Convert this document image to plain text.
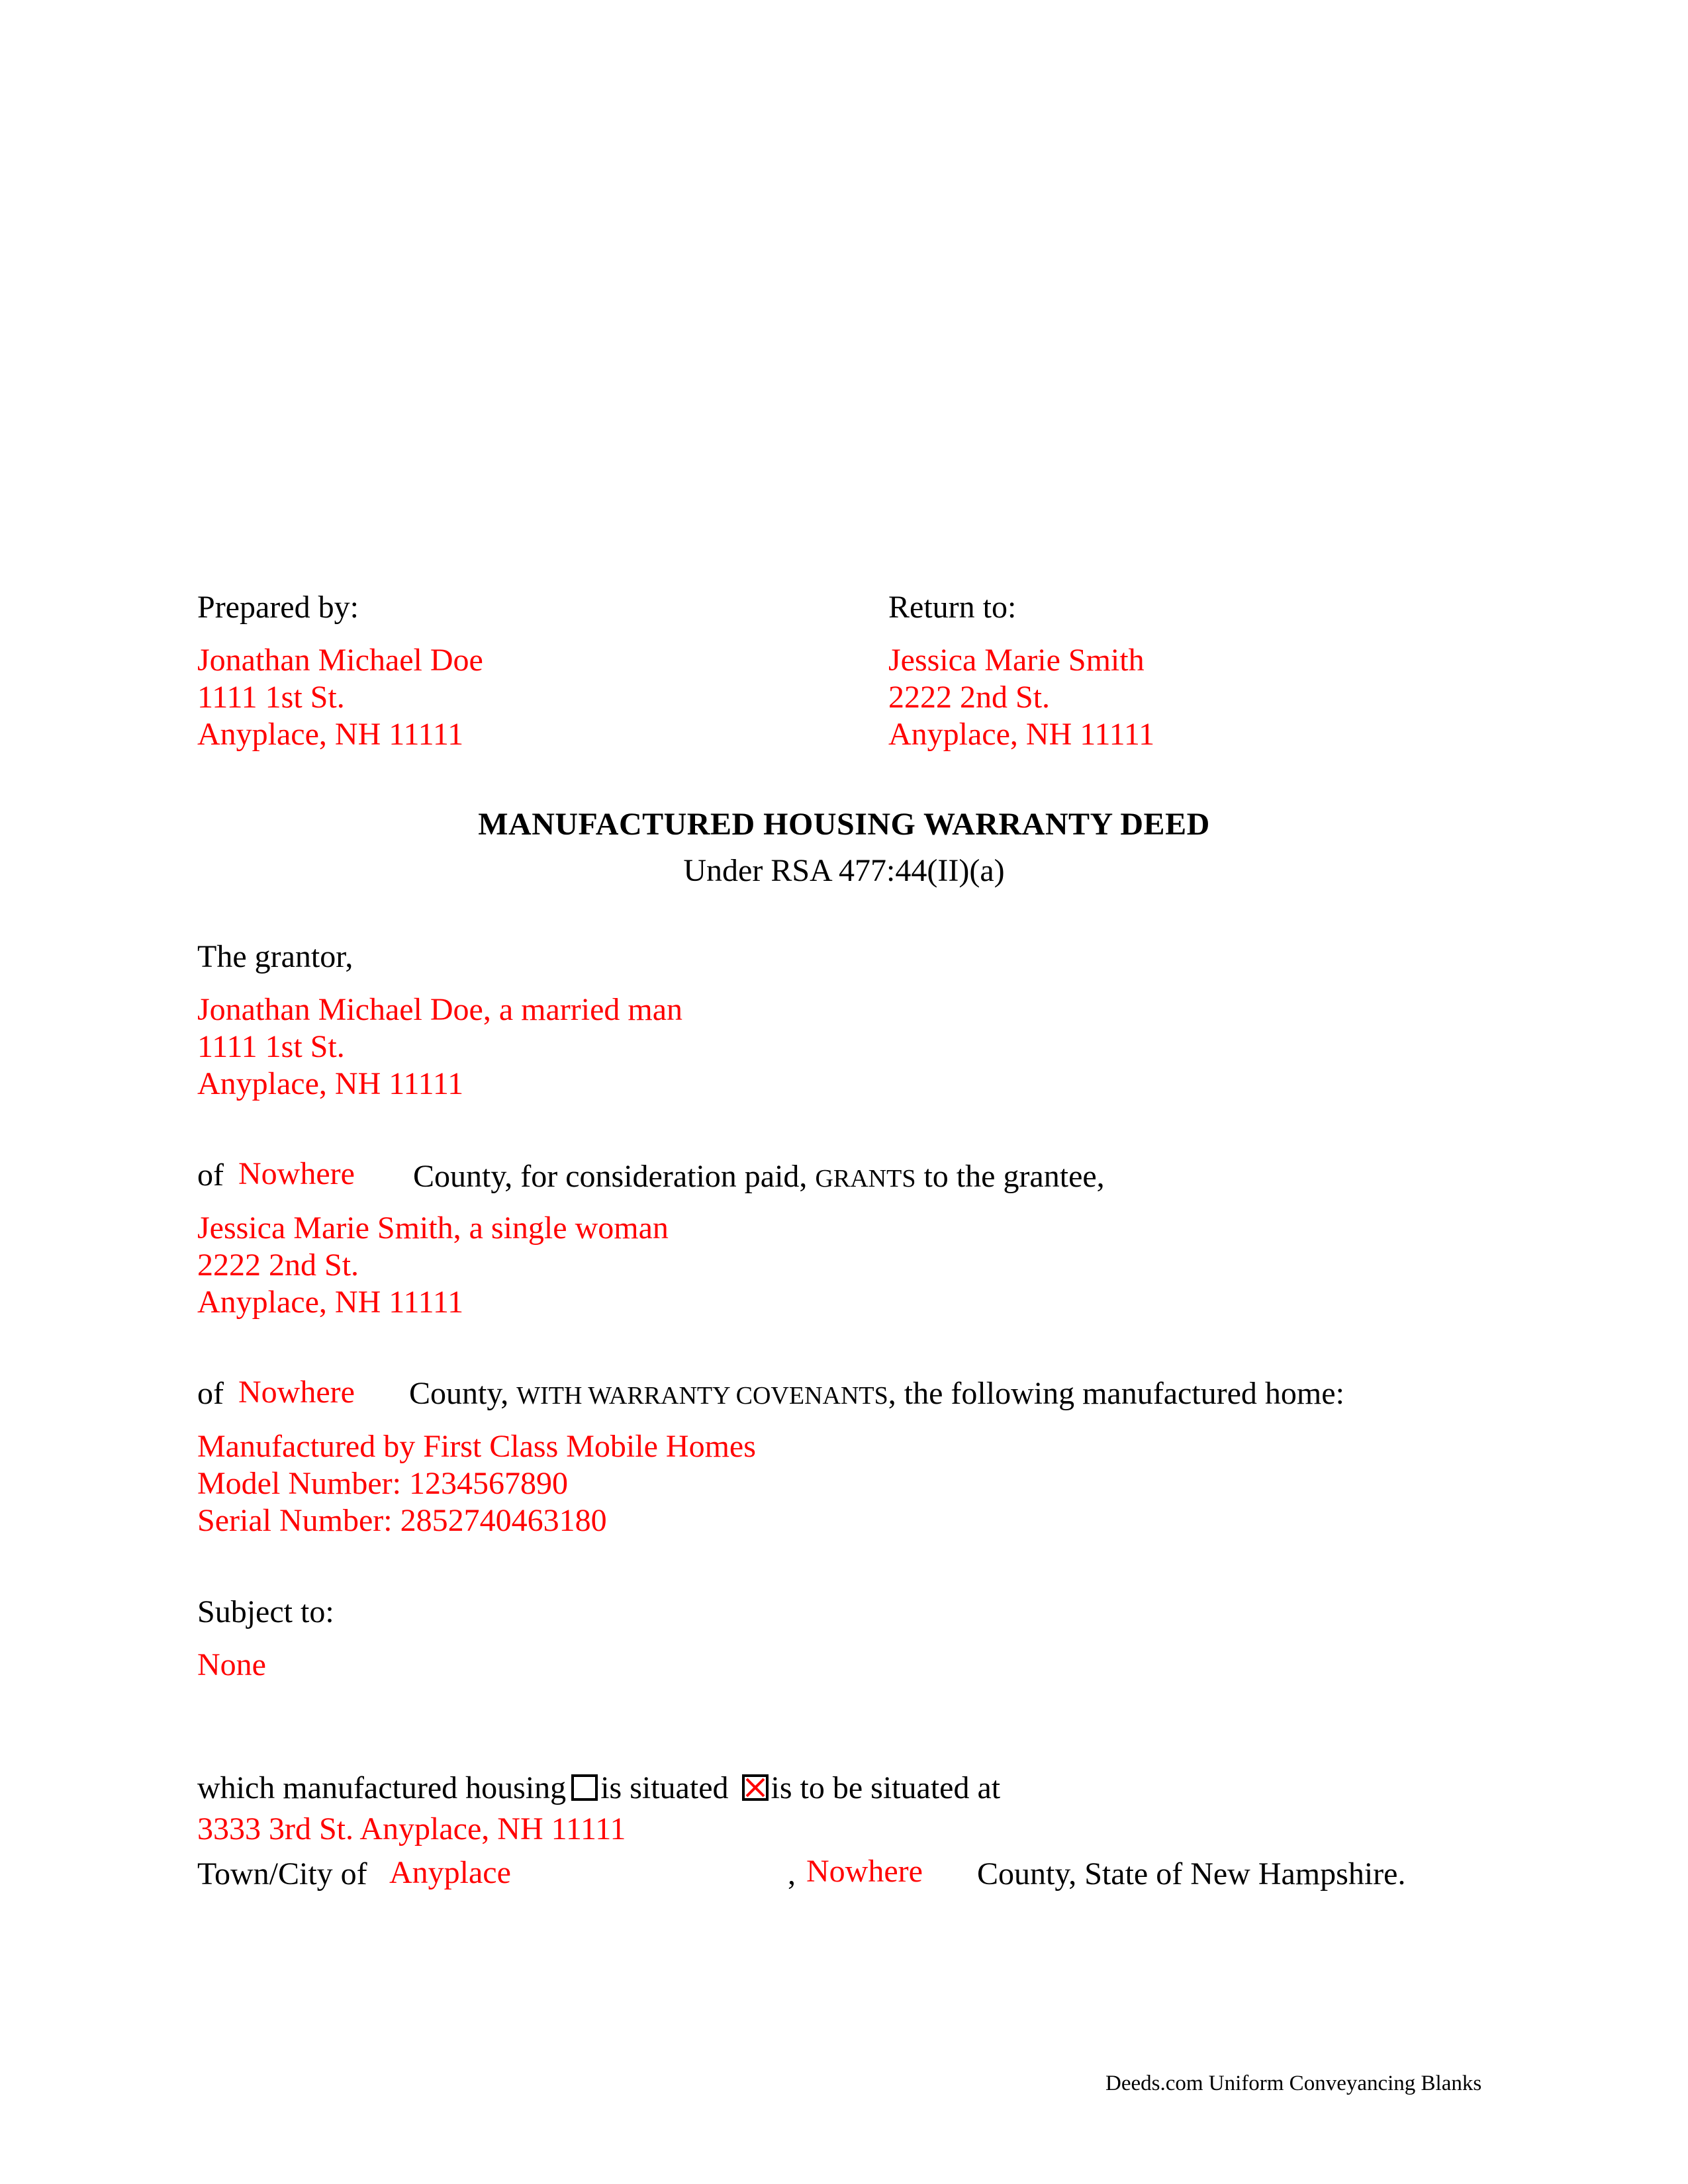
Prepared by:
Jonathan Michael Doe
1111 1st St.
Anyplace, NH 11111
Return to:
Jessica Marie Smith
2222 2nd St.
Anyplace, NH 11111
MANUFACTURED HOUSING WARRANTY DEED
Under RSA 477:44(II)(a)
The grantor,
Jonathan Michael Doe, a married man
1111 1st St.
Anyplace, NH 11111
of Nowhere County, for consideration paid, GRANTS to the grantee,
Jessica Marie Smith, a single woman
2222 2nd St.
Anyplace, NH 11111
of Nowhere County, WITH WARRANTY COVENANTS, the following manufactured home:
Manufactured by First Class Mobile Homes
Model Number: 1234567890
Serial Number: 2852740463180
Subject to:
None
which manufactured housing is situated is to be situated at
3333 3rd St. Anyplace, NH 11111
Town/City of Anyplace	, Nowhere County, State of New Hampshire.
Deeds.com Uniform Conveyancing Blanks
